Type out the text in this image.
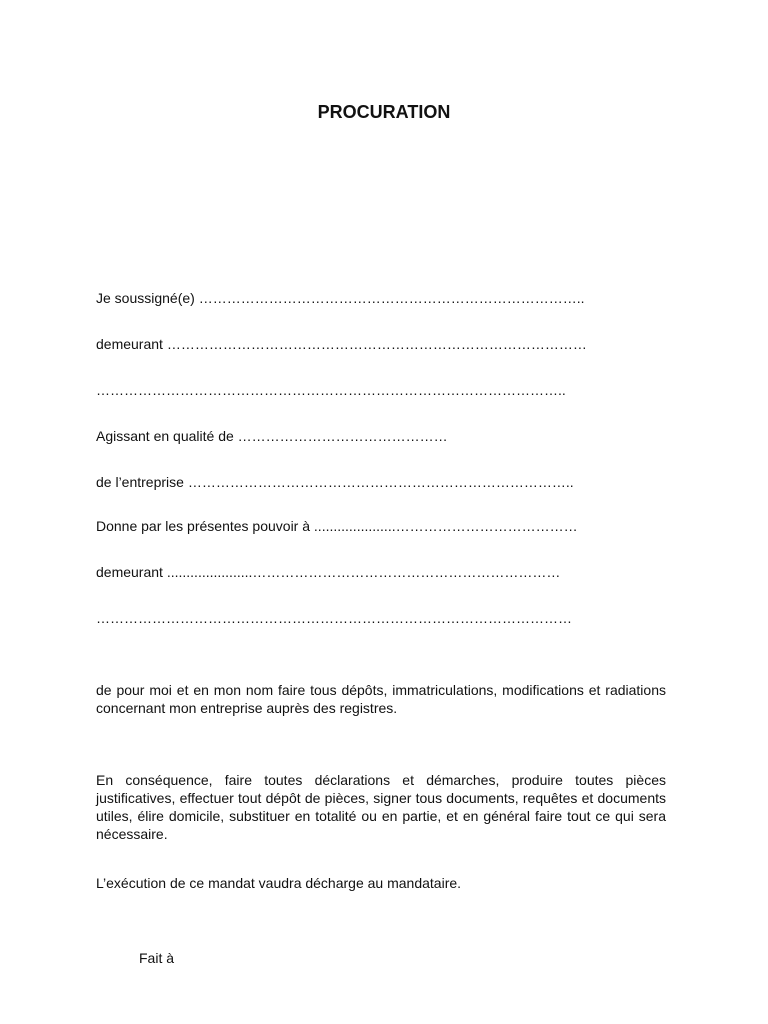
PROCURATION
Je soussigné(e) ………………………………………………………………………..
demeurant ………………………………………………………………………………
………………………………………………………………………………………..
Agissant en qualité de ………………………………………
de l’entreprise ………………………………………………………………………..
Donne par les présentes pouvoir à .....................…………………………………
demeurant ......................…………………………………………………………
…………………………………………………………………………………………
de pour moi et en mon nom faire tous dépôts, immatriculations, modifications et radiations concernant mon entreprise auprès des registres.
En conséquence, faire toutes déclarations et démarches, produire toutes pièces justificatives, effectuer tout dépôt de pièces, signer tous documents, requêtes et documents utiles, élire domicile, substituer en totalité ou en partie, et en général faire tout ce qui sera nécessaire.
L’exécution de ce mandat vaudra décharge au mandataire.
Fait à
